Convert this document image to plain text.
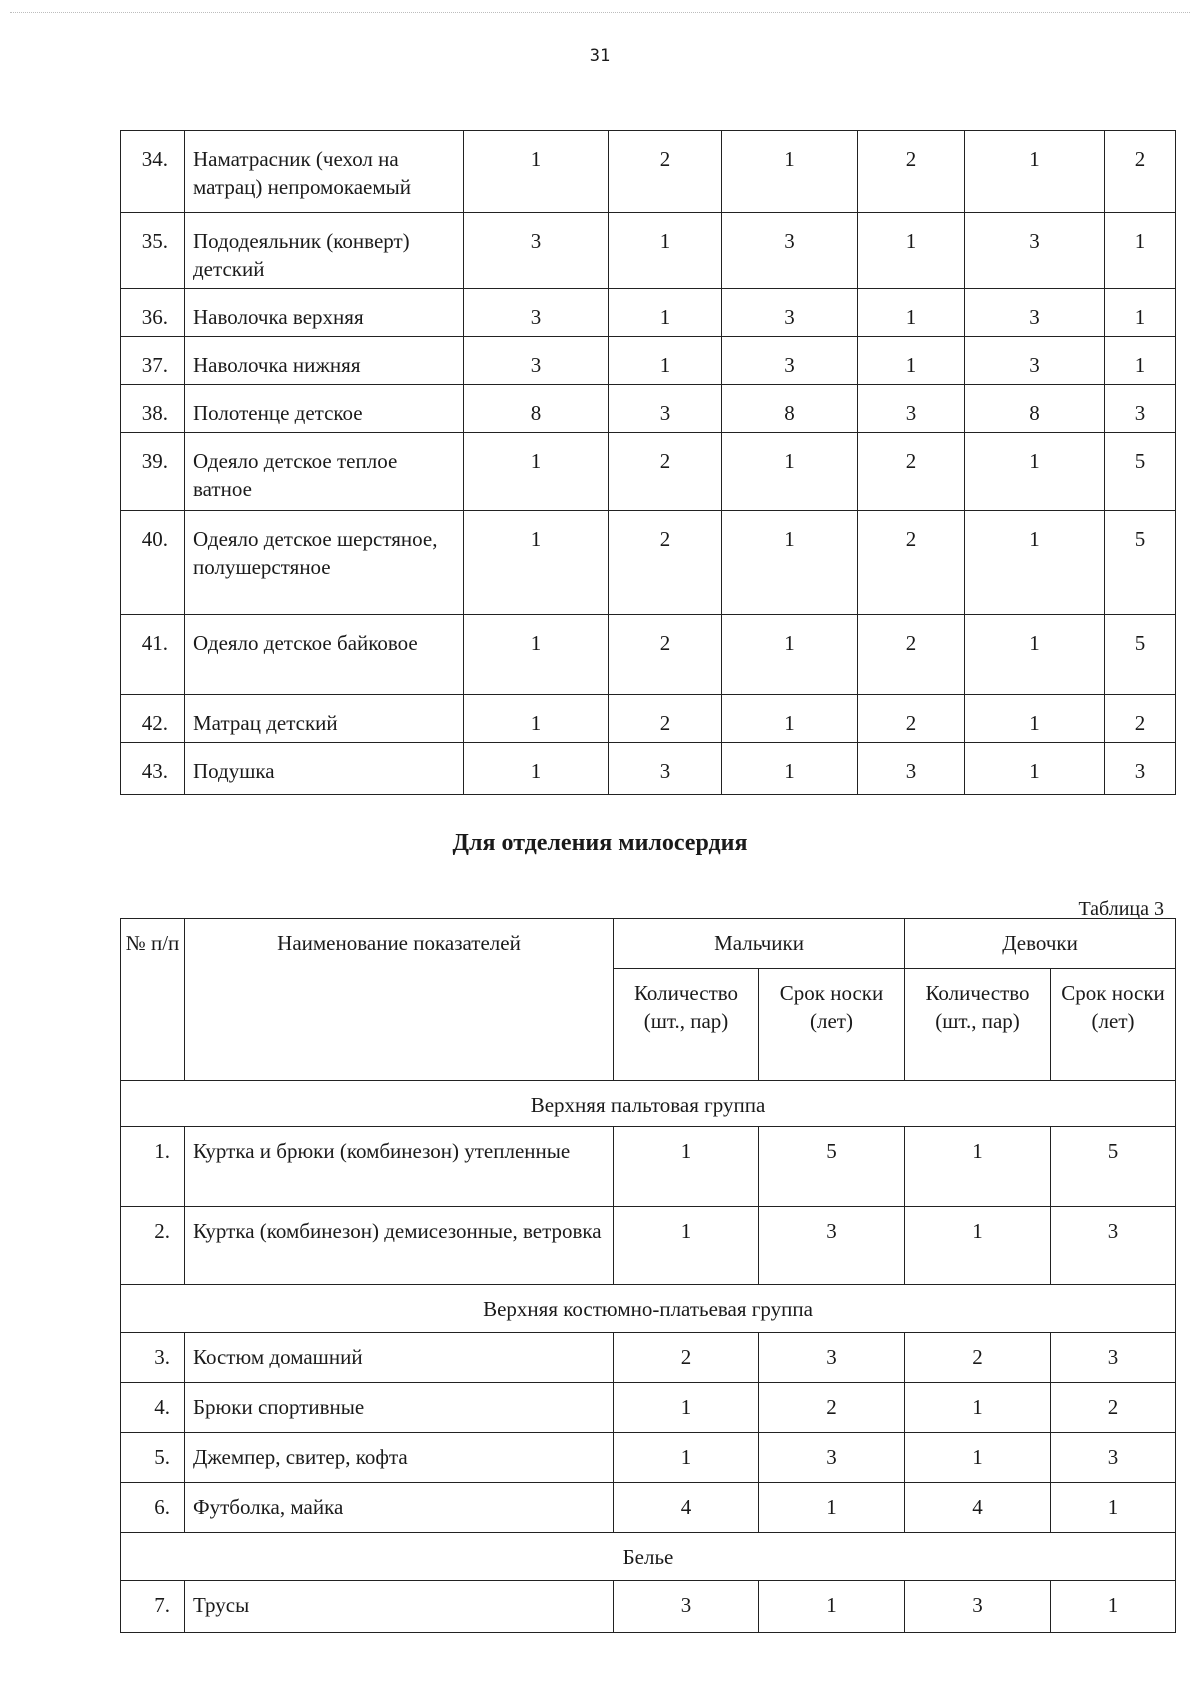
31
34.	Наматрасник (чехол на матрац) непромокаемый	1	2	1	2	1	2
35.	Пододеяльник (конверт) детский	3	1	3	1	3	1
36.	Наволочка верхняя	3	1	3	1	3	1
37.	Наволочка нижняя	3	1	3	1	3	1
38.	Полотенце детское	8	3	8	3	8	3
39.	Одеяло детское теплое ватное	1	2	1	2	1	5
40.	Одеяло детское шерстяное, полушерстяное	1	2	1	2	1	5
41.	Одеяло детское байковое	1	2	1	2	1	5
42.	Матрац детский	1	2	1	2	1	2
43.	Подушка	1	3	1	3	1	3
Для отделения милосердия
Таблица 3
№ п/п	Наименование показателей	Мальчики		Девочки	
		Количество (шт., пар)	Срок носки (лет)	Количество (шт., пар)	Срок носки (лет)
Верхняя пальтовая группа					
1.	Куртка и брюки (комбинезон) утепленные	1	5	1	5
2.	Куртка (комбинезон) демисезонные, ветровка	1	3	1	3
Верхняя костюмно-платьевая группа					
3.	Костюм домашний	2	3	2	3
4.	Брюки спортивные	1	2	1	2
5.	Джемпер, свитер, кофта	1	3	1	3
6.	Футболка, майка	4	1	4	1
Белье					
7.	Трусы	3	1	3	1
